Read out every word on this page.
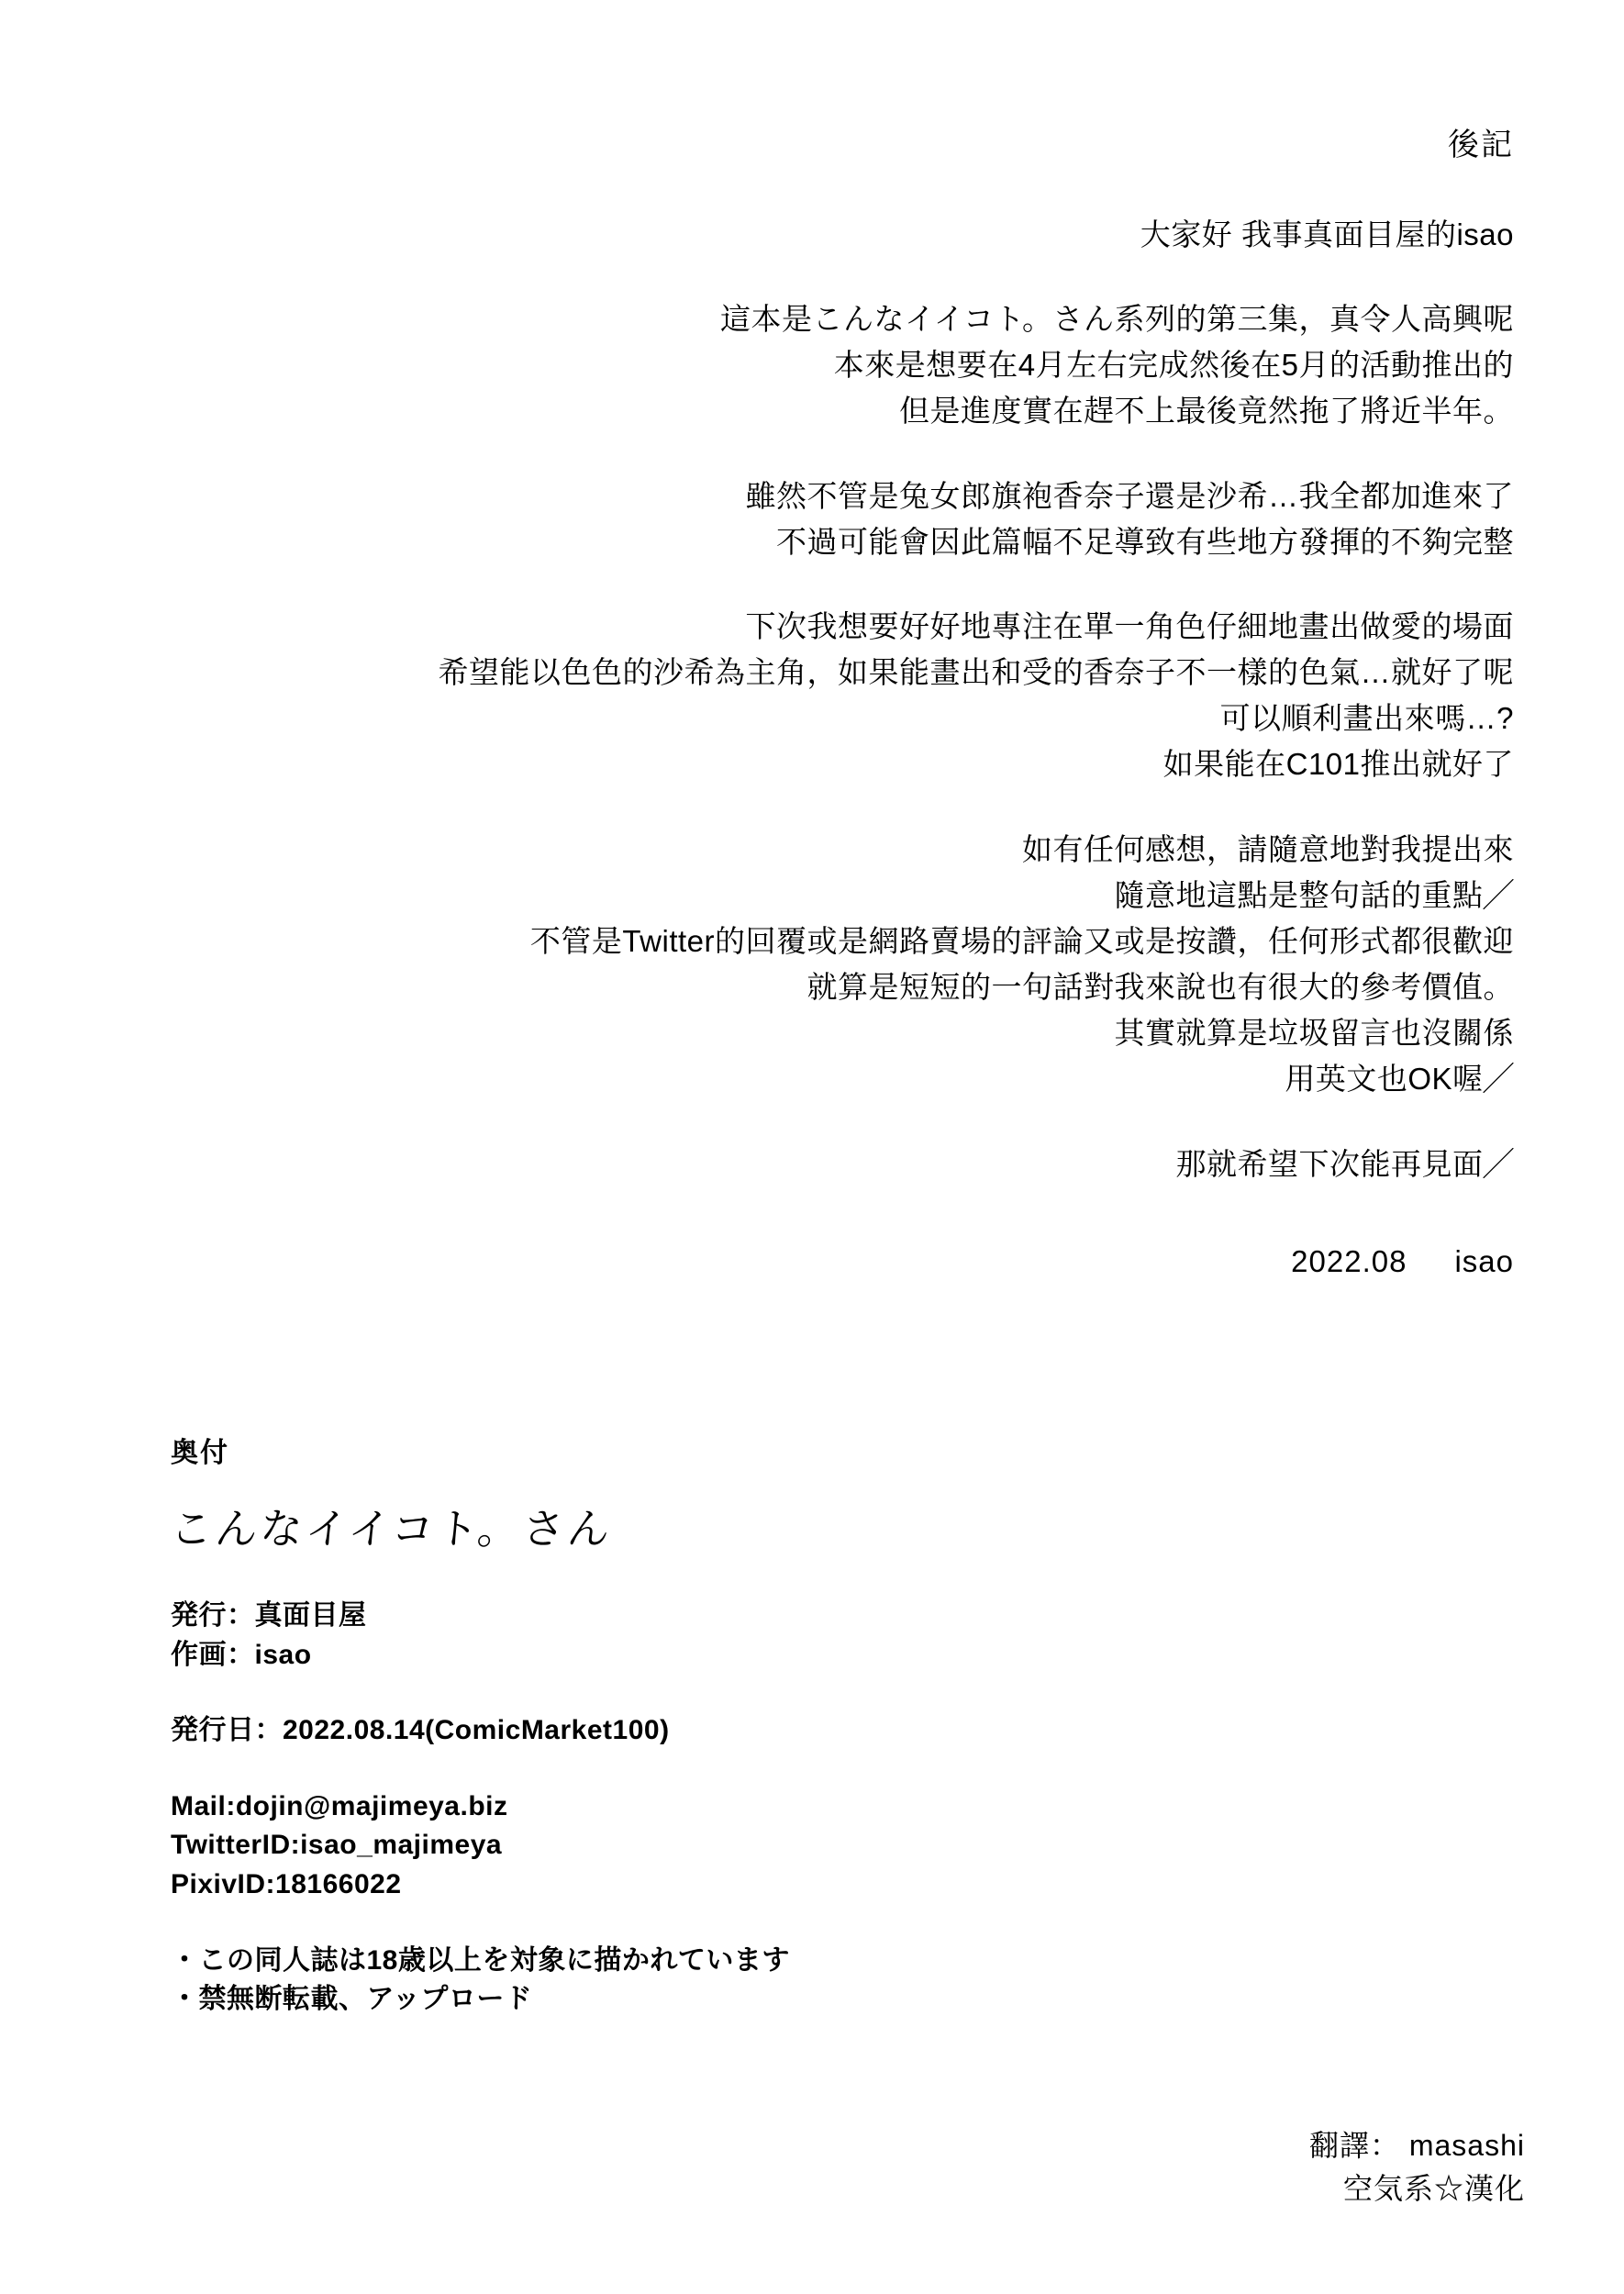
後記
大家好 我事真面目屋的isao
這本是こんなイイコト。さん系列的第三集，真令人高興呢
本來是想要在4月左右完成然後在5月的活動推出的
但是進度實在趕不上最後竟然拖了將近半年。
雖然不管是兔女郎旗袍香奈子還是沙希…我全都加進來了
不過可能會因此篇幅不足導致有些地方發揮的不夠完整
下次我想要好好地專注在單一角色仔細地畫出做愛的場面
希望能以色色的沙希為主角，如果能畫出和受的香奈子不一樣的色氣…就好了呢
可以順利畫出來嗎…?
如果能在C101推出就好了
如有任何感想，請隨意地對我提出來
隨意地這點是整句話的重點╱
不管是Twitter的回覆或是網路賣場的評論又或是按讚，任何形式都很歡迎
就算是短短的一句話對我來說也有很大的參考價值。
其實就算是垃圾留言也沒關係
用英文也OK喔╱
那就希望下次能再見面╱
2022.08 isao
奥付
こんなイイコト。さん
発行：真面目屋
作画：isao
発行日：2022.08.14(ComicMarket100)
Mail:dojin@majimeya.biz
TwitterID:isao_majimeya
PixivID:18166022
・この同人誌は18歳以上を対象に描かれています
・禁無断転載、アップロード
翻譯： masashi
空気系☆漢化
